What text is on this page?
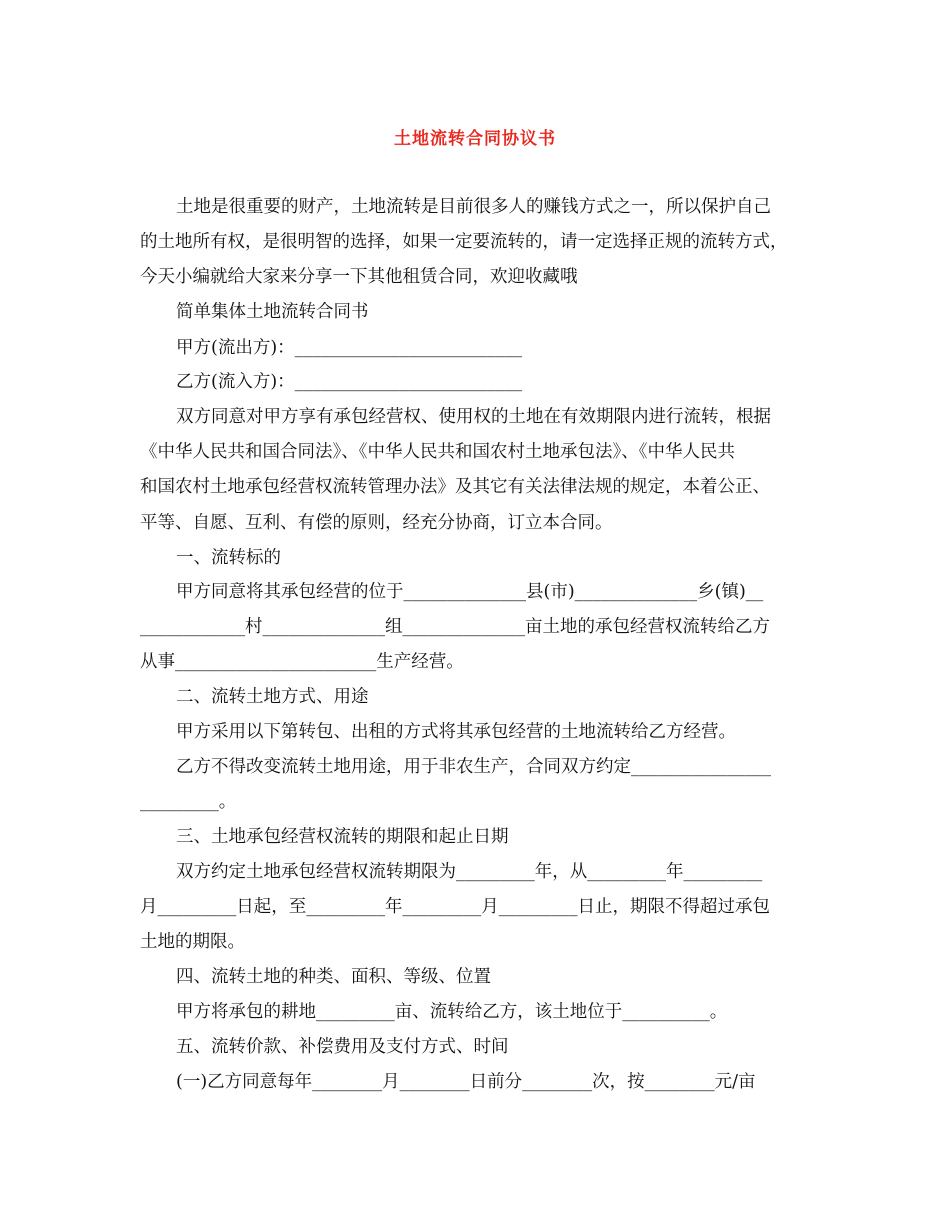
土地流转合同协议书
土地是很重要的财产，土地流转是目前很多人的赚钱方式之一，所以保护自己
的土地所有权，是很明智的选择，如果一定要流转的，请一定选择正规的流转方式，
今天小编就给大家来分享一下其他租赁合同，欢迎收藏哦
简单集体土地流转合同书
甲方(流出方)：__________________________
乙方(流入方)：__________________________
双方同意对甲方享有承包经营权、使用权的土地在有效期限内进行流转，根据
《中华人民共和国合同法》、《中华人民共和国农村土地承包法》、《中华人民共
和国农村土地承包经营权流转管理办法》及其它有关法律法规的规定，本着公正、
平等、自愿、互利、有偿的原则，经充分协商，订立本合同。
一、流转标的
甲方同意将其承包经营的位于______________县(市)______________乡(镇)__
____________村______________组______________亩土地的承包经营权流转给乙方
从事_______________________生产经营。
二、流转土地方式、用途
甲方采用以下第转包、出租的方式将其承包经营的土地流转给乙方经营。
乙方不得改变流转土地用途，用于非农生产，合同双方约定________________
_________。
三、土地承包经营权流转的期限和起止日期
双方约定土地承包经营权流转期限为_________年，从_________年_________
月_________日起，至_________年_________月_________日止，期限不得超过承包
土地的期限。
四、流转土地的种类、面积、等级、位置
甲方将承包的耕地_________亩、流转给乙方，该土地位于__________。
五、流转价款、补偿费用及支付方式、时间
(一)乙方同意每年________月________日前分________次，按________元/亩
